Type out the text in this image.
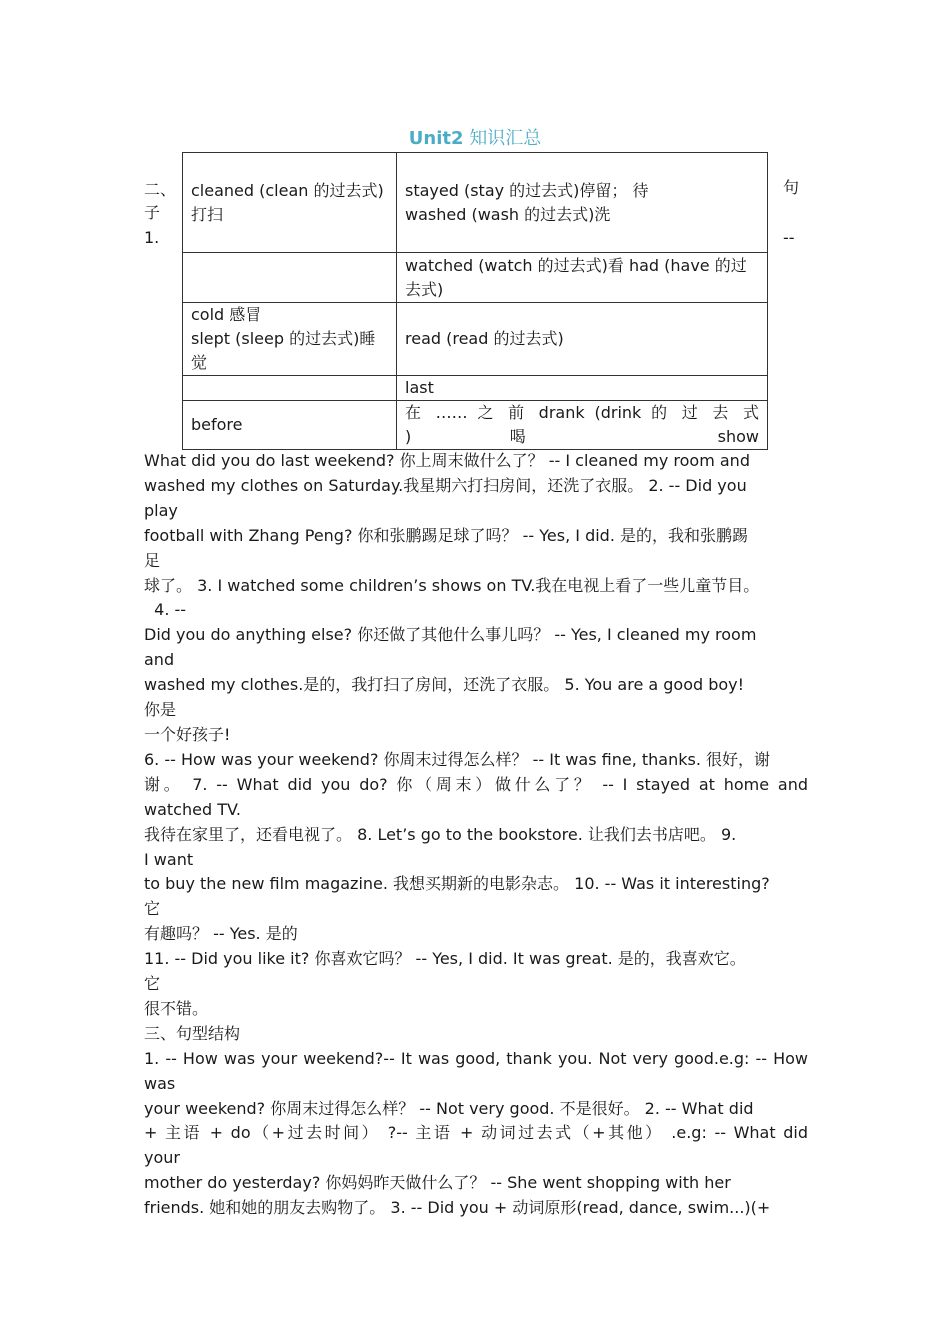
Unit2 知识汇总
二、
子
1.
句
--
cleaned (clean 的过去式)打扫	stayed (stay 的过去式)停留； 待
washed (wash 的过去式)洗
	watched (watch 的过去式)看 had (have 的过去式)
cold 感冒
slept (sleep 的过去式)睡觉	read (read 的过去式)
	last
before	在 …… 之 前 drank (drink 的 过 去 式
) 喝 show
What did you do last weekend? 你上周末做什么了？ -- I cleaned my room and
washed my clothes on Saturday.我星期六打扫房间，还洗了衣服。 2. -- Did you
play
football with Zhang Peng? 你和张鹏踢足球了吗？ -- Yes, I did. 是的，我和张鹏踢
足
球了。 3. I watched some children’s shows on TV.我在电视上看了一些儿童节目。
4. --
Did you do anything else? 你还做了其他什么事儿吗？ -- Yes, I cleaned my room
and
washed my clothes.是的，我打扫了房间，还洗了衣服。 5. You are a good boy!
你是
一个好孩子!
6. -- How was your weekend? 你周末过得怎么样？ -- It was fine, thanks. 很好，谢
谢。 7. -- What did you do? 你（周末）做什么了？ -- I stayed at home and
watched TV.
我待在家里了，还看电视了。 8. Let’s go to the bookstore. 让我们去书店吧。 9.
I want
to buy the new film magazine. 我想买期新的电影杂志。 10. -- Was it interesting?
它
有趣吗？ -- Yes. 是的
11. -- Did you like it? 你喜欢它吗？ -- Yes, I did. It was great. 是的，我喜欢它。
它
很不错。
三、句型结构
1. -- How was your weekend?-- It was good, thank you. Not very good.e.g: -- How
was
your weekend? 你周末过得怎么样？ -- Not very good. 不是很好。 2. -- What did
+ 主语 + do（+过去时间） ?-- 主语 + 动词过去式（+其他） .e.g: -- What did
your
mother do yesterday? 你妈妈昨天做什么了？ -- She went shopping with her
friends. 她和她的朋友去购物了。 3. -- Did you + 动词原形(read, dance, swim...)(+
